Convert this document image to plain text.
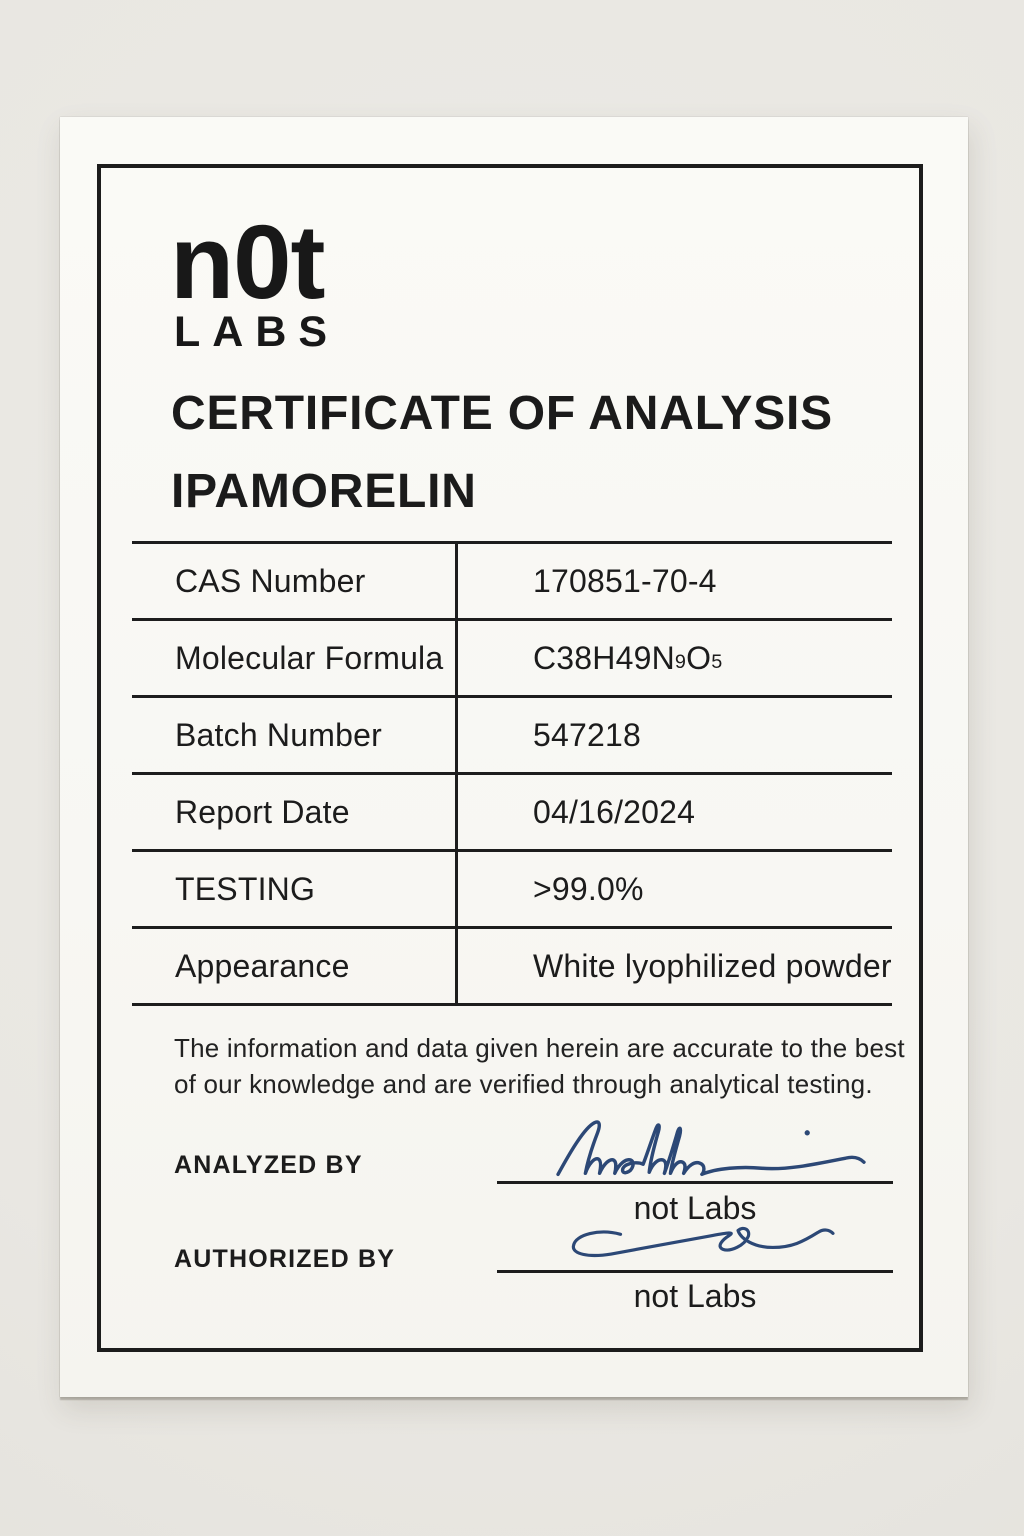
n0t
LABS
CERTIFICATE OF ANALYSIS
IPAMORELIN
CAS Number	170851-70-4
Molecular Formula	$C38H49N_9$ $O_5$
Batch Number	547218
Report Date	04/16/2024
TESTING	>99.0%
Appearance	White lyophilized powder
The information and data given herein are accurate to the best
of our knowledge and are verified through analytical testing.
ANALYZED BY
not Labs
AUTHORIZED BY
not Labs
